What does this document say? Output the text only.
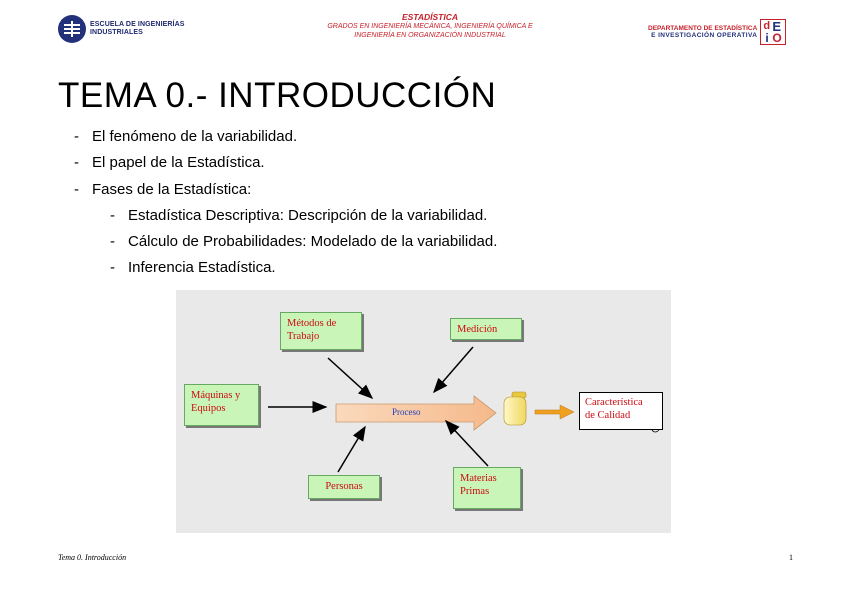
ESCUELA DE INGENIERÍAS
INDUSTRIALES
ESTADÍSTICA
GRADOS EN INGENIERÍA MECÁNICA, INGENIERÍA QUÍMICA E
INGENIERÍA EN ORGANIZACIÓN INDUSTRIAL
DEPARTAMENTO DE ESTADÍSTICA
E INVESTIGACIÓN OPERATIVA
d E
i O
TEMA 0.- INTRODUCCIÓN
- El fenómeno de la variabilidad.
- El papel de la Estadística.
- Fases de la Estadística:
- Estadística Descriptiva: Descripción de la variabilidad.
- Cálculo de Probabilidades: Modelado de la variabilidad.
- Inferencia Estadística.
Métodos de
Trabajo
Medición
Máquinas y
Equipos	Proceso
Característica
de Calidad
Personas
Materias
Primas
Tema 0. Introducción	1
